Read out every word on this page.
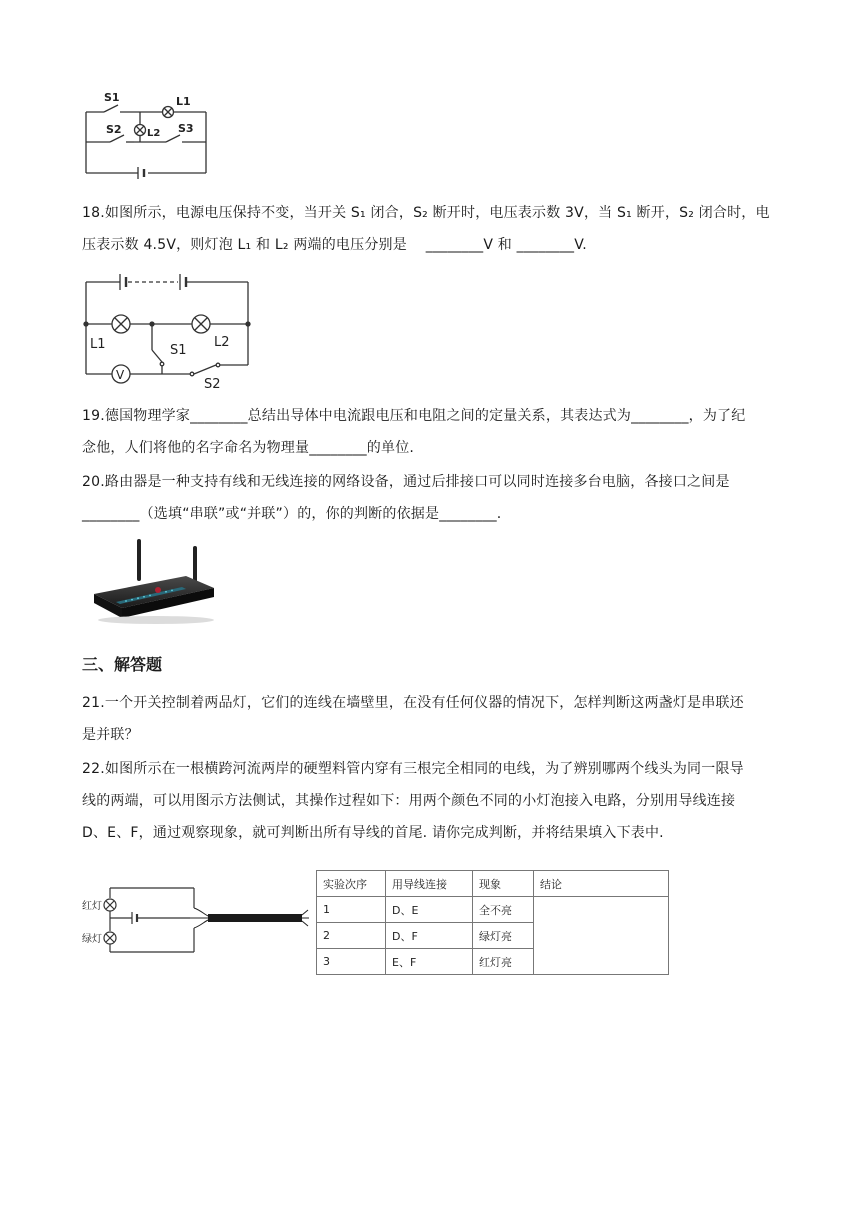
S1	L1
S2	L2 S3
18.如图所示，电源电压保持不变，当开关 S₁ 闭合，S₂ 断开时，电压表示数 3V，当 S₁ 断开，S₂ 闭合时，电
压表示数 4.5V，则灯泡 L₁ 和 L₂ 两端的电压分别是　 ________V 和 ________V.
L1	S1
L2
V
S2
19.德国物理学家________总结出导体中电流跟电压和电阻之间的定量关系，其表达式为________，为了纪
念他，人们将他的名字命名为物理量________的单位.
20.路由器是一种支持有线和无线连接的网络设备，通过后排接口可以同时连接多台电脑，各接口之间是
________（选填“串联”或“并联”）的，你的判断的依据是________.
三、解答题
21.一个开关控制着两品灯，它们的连线在墙壁里，在没有任何仪器的情况下，怎样判断这两盏灯是串联还
是并联？
22.如图所示在一根横跨河流两岸的硬塑料管内穿有三根完全相同的电线，为了辨别哪两个线头为同一限导
线的两端，可以用图示方法侧试，其操作过程如下：用两个颜色不同的小灯泡接入电路，分别用导线连接
D、E、F，通过观察现象，就可判断出所有导线的首尾. 请你完成判断，并将结果填入下表中.
红灯
绿灯
实验次序	用导线连接	现象	结论
1	D、E	全不亮	
2	D、F	绿灯亮	
3	E、F	红灯亮	
